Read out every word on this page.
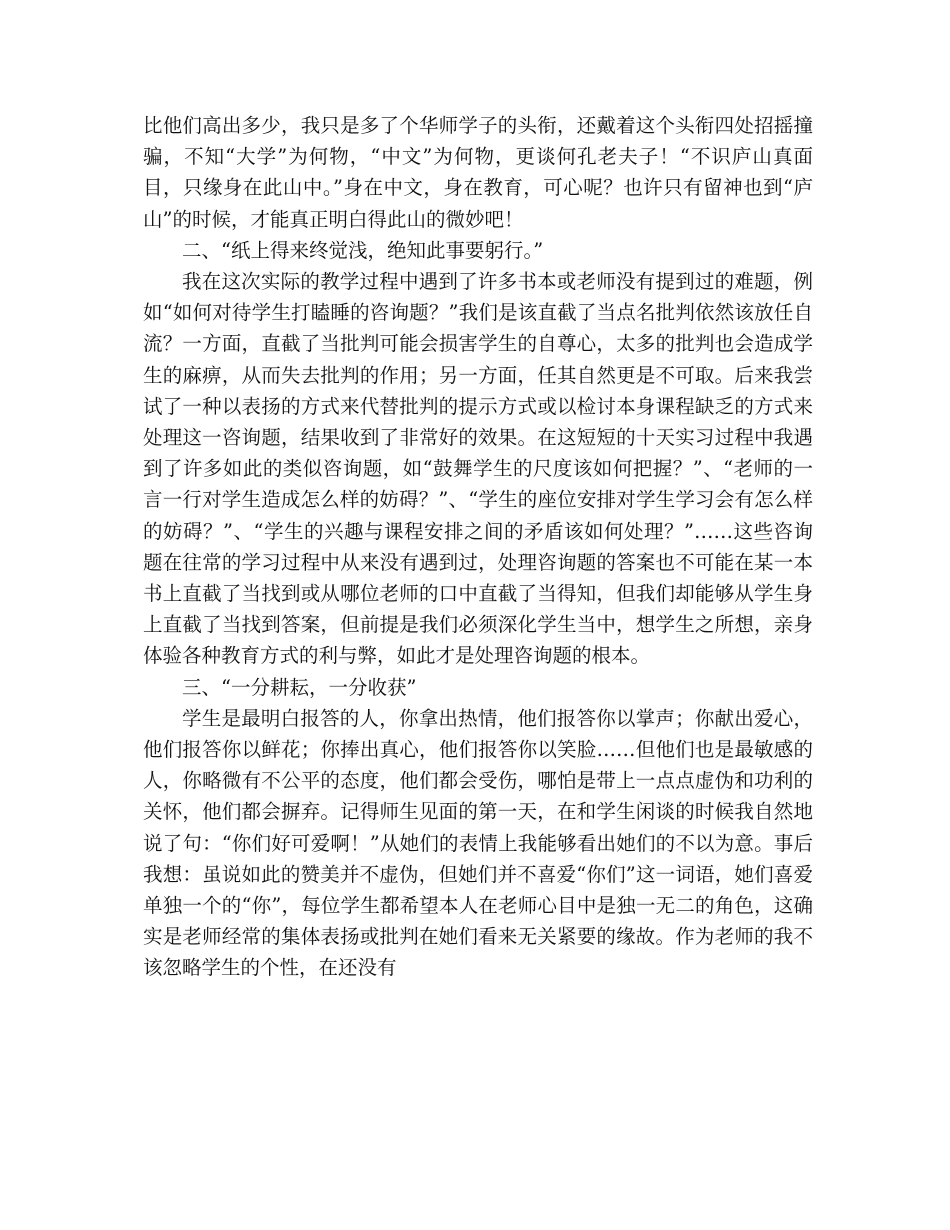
比他们高出多少，我只是多了个华师学子的头衔，还戴着这个头衔四处招摇撞骗，不知“大学”为何物，“中文”为何物，更谈何孔老夫子！“不识庐山真面目，只缘身在此山中。”身在中文，身在教育，可心呢？也许只有留神也到“庐山”的时候，才能真正明白得此山的微妙吧！

二、“纸上得来终觉浅，绝知此事要躬行。”

我在这次实际的教学过程中遇到了许多书本或老师没有提到过的难题，例如“如何对待学生打瞌睡的咨询题？”我们是该直截了当点名批判依然该放任自流？一方面，直截了当批判可能会损害学生的自尊心，太多的批判也会造成学生的麻痹，从而失去批判的作用；另一方面，任其自然更是不可取。后来我尝试了一种以表扬的方式来代替批判的提示方式或以检讨本身课程缺乏的方式来处理这一咨询题，结果收到了非常好的效果。在这短短的十天实习过程中我遇到了许多如此的类似咨询题，如“鼓舞学生的尺度该如何把握？”、“老师的一言一行对学生造成怎么样的妨碍？”、“学生的座位安排对学生学习会有怎么样的妨碍？”、“学生的兴趣与课程安排之间的矛盾该如何处理？”……这些咨询题在往常的学习过程中从来没有遇到过，处理咨询题的答案也不可能在某一本书上直截了当找到或从哪位老师的口中直截了当得知，但我们却能够从学生身上直截了当找到答案，但前提是我们必须深化学生当中，想学生之所想，亲身体验各种教育方式的利与弊，如此才是处理咨询题的根本。

三、“一分耕耘，一分收获”

学生是最明白报答的人，你拿出热情，他们报答你以掌声；你献出爱心，他们报答你以鲜花；你捧出真心，他们报答你以笑脸……但他们也是最敏感的人，你略微有不公平的态度，他们都会受伤，哪怕是带上一点点虚伪和功利的关怀，他们都会摒弃。记得师生见面的第一天，在和学生闲谈的时候我自然地说了句：“你们好可爱啊！”从她们的表情上我能够看出她们的不以为意。事后我想：虽说如此的赞美并不虚伪，但她们并不喜爱“你们”这一词语，她们喜爱单独一个的“你”，每位学生都希望本人在老师心目中是独一无二的角色，这确实是老师经常的集体表扬或批判在她们看来无关紧要的缘故。作为老师的我不该忽略学生的个性，在还没有
